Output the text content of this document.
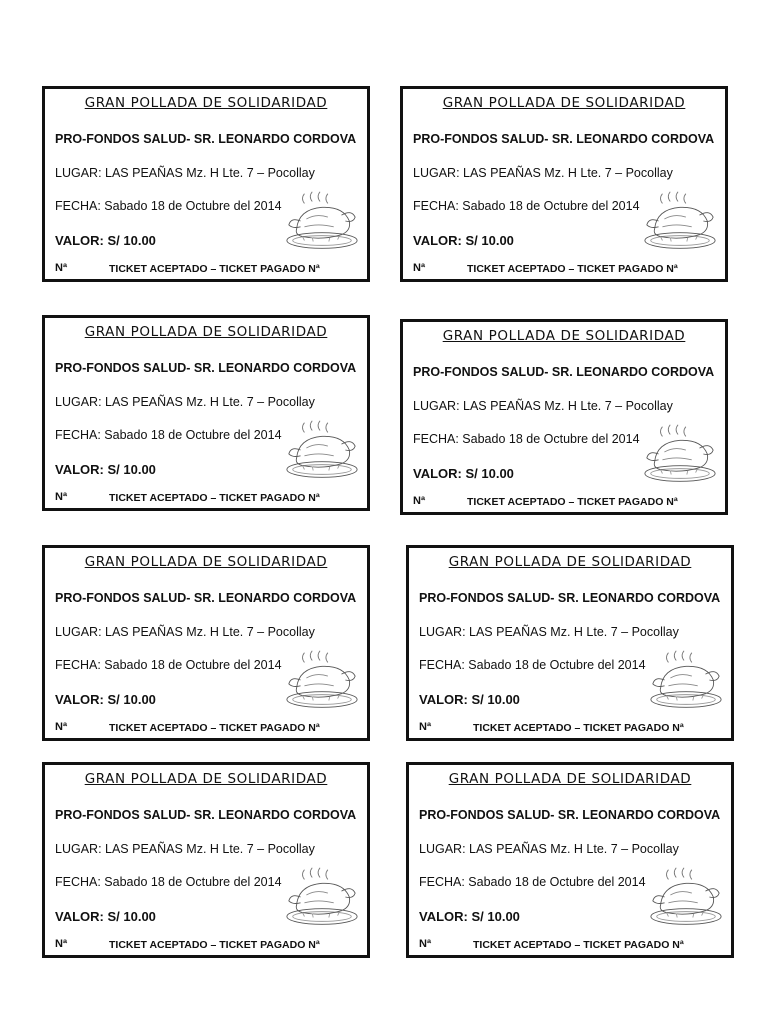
GRAN POLLADA DE SOLIDARIDAD
PRO-FONDOS SALUD- SR. LEONARDO CORDOVA
LUGAR: LAS PEAÑAS Mz. H Lte. 7 – Pocollay
FECHA: Sabado 18 de Octubre del 2014
VALOR: S/ 10.00
Nª	TICKET ACEPTADO – TICKET PAGADO Nª
GRAN POLLADA DE SOLIDARIDAD
PRO-FONDOS SALUD- SR. LEONARDO CORDOVA
LUGAR: LAS PEAÑAS Mz. H Lte. 7 – Pocollay
FECHA: Sabado 18 de Octubre del 2014
VALOR: S/ 10.00
Nª	TICKET ACEPTADO – TICKET PAGADO Nª
GRAN POLLADA DE SOLIDARIDAD
PRO-FONDOS SALUD- SR. LEONARDO CORDOVA
LUGAR: LAS PEAÑAS Mz. H Lte. 7 – Pocollay
FECHA: Sabado 18 de Octubre del 2014
VALOR: S/ 10.00
Nª	TICKET ACEPTADO – TICKET PAGADO Nª
GRAN POLLADA DE SOLIDARIDAD
PRO-FONDOS SALUD- SR. LEONARDO CORDOVA
LUGAR: LAS PEAÑAS Mz. H Lte. 7 – Pocollay
FECHA: Sabado 18 de Octubre del 2014
VALOR: S/ 10.00
Nª	TICKET ACEPTADO – TICKET PAGADO Nª
GRAN POLLADA DE SOLIDARIDAD
PRO-FONDOS SALUD- SR. LEONARDO CORDOVA
LUGAR: LAS PEAÑAS Mz. H Lte. 7 – Pocollay
FECHA: Sabado 18 de Octubre del 2014
VALOR: S/ 10.00
Nª	TICKET ACEPTADO – TICKET PAGADO Nª
GRAN POLLADA DE SOLIDARIDAD
PRO-FONDOS SALUD- SR. LEONARDO CORDOVA
LUGAR: LAS PEAÑAS Mz. H Lte. 7 – Pocollay
FECHA: Sabado 18 de Octubre del 2014
VALOR: S/ 10.00
Nª	TICKET ACEPTADO – TICKET PAGADO Nª
GRAN POLLADA DE SOLIDARIDAD
PRO-FONDOS SALUD- SR. LEONARDO CORDOVA
LUGAR: LAS PEAÑAS Mz. H Lte. 7 – Pocollay
FECHA: Sabado 18 de Octubre del 2014
VALOR: S/ 10.00
Nª	TICKET ACEPTADO – TICKET PAGADO Nª
GRAN POLLADA DE SOLIDARIDAD
PRO-FONDOS SALUD- SR. LEONARDO CORDOVA
LUGAR: LAS PEAÑAS Mz. H Lte. 7 – Pocollay
FECHA: Sabado 18 de Octubre del 2014
VALOR: S/ 10.00
Nª	TICKET ACEPTADO – TICKET PAGADO Nª
